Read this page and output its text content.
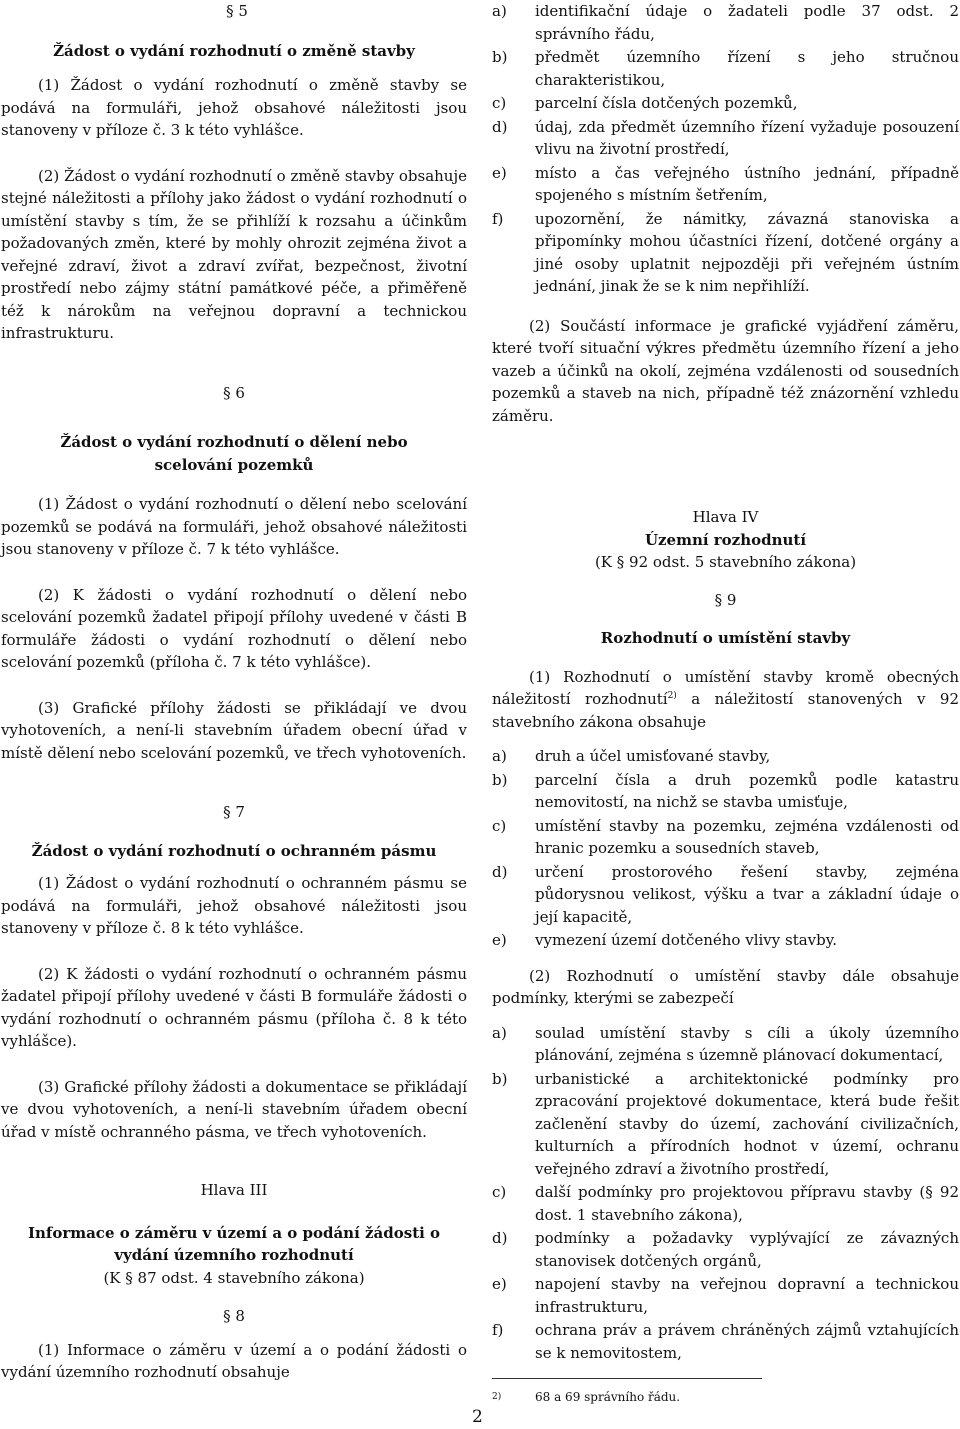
§ 5

Žádost o vydání rozhodnutí o změně stavby

(1) Žádost o vydání rozhodnutí o změně stavby se podává na formuláři, jehož obsahové náležitosti jsou stanoveny v příloze č. 3 k této vyhlášce.

(2) Žádost o vydání rozhodnutí o změně stavby obsahuje stejné náležitosti a přílohy jako žádost o vydání rozhodnutí o umístění stavby s tím, že se přihlíží k rozsahu a účinkům požadovaných změn, které by mohly ohrozit zejména život a veřejné zdraví, život a zdraví zvířat, bezpečnost, životní prostředí nebo zájmy státní památkové péče, a přiměřeně též k nárokům na veřejnou dopravní a technickou infrastrukturu.

§ 6

Žádost o vydání rozhodnutí o dělení nebo scelování pozemků

(1) Žádost o vydání rozhodnutí o dělení nebo scelování pozemků se podává na formuláři, jehož obsahové náležitosti jsou stanoveny v příloze č. 7 k této vyhlášce.

(2) K žádosti o vydání rozhodnutí o dělení nebo scelování pozemků žadatel připojí přílohy uvedené v části B formuláře žádosti o vydání rozhodnutí o dělení nebo scelování pozemků (příloha č. 7 k této vyhlášce).

(3) Grafické přílohy žádosti se přikládají ve dvou vyhotoveních, a není-li stavebním úřadem obecní úřad v místě dělení nebo scelování pozemků, ve třech vyhotoveních.

§ 7

Žádost o vydání rozhodnutí o ochranném pásmu

(1) Žádost o vydání rozhodnutí o ochranném pásmu se podává na formuláři, jehož obsahové náležitosti jsou stanoveny v příloze č. 8 k této vyhlášce.

(2) K žádosti o vydání rozhodnutí o ochranném pásmu žadatel připojí přílohy uvedené v části B formuláře žádosti o vydání rozhodnutí o ochranném pásmu (příloha č. 8 k této vyhlášce).

(3) Grafické přílohy žádosti a dokumentace se přikládají ve dvou vyhotoveních, a není-li stavebním úřadem obecní úřad v místě ochranného pásma, ve třech vyhotoveních.

Hlava III

Informace o záměru v území a o podání žádosti o vydání územního rozhodnutí

(K § 87 odst. 4 stavebního zákona)

§ 8

(1) Informace o záměru v území a o podání žádosti o vydání územního rozhodnutí obsahuje

a)	identifikační údaje o žadateli podle 37 odst. 2 správního řádu,
b)	předmět územního řízení s jeho stručnou charakteristikou,
c)	parcelní čísla dotčených pozemků,
d)	údaj, zda předmět územního řízení vyžaduje posouzení vlivu na životní prostředí,
e)	místo a čas veřejného ústního jednání, případně spojeného s místním šetřením,
f)	upozornění, že námitky, závazná stanoviska a připomínky mohou účastníci řízení, dotčené orgány a jiné osoby uplatnit nejpozději při veřejném ústním jednání, jinak že se k nim nepřihlíží.

(2) Součástí informace je grafické vyjádření záměru, které tvoří situační výkres předmětu územního řízení a jeho vazeb a účinků na okolí, zejména vzdálenosti od sousedních pozemků a staveb na nich, případně též znázornění vzhledu záměru.

Hlava IV

Územní rozhodnutí

(K § 92 odst. 5 stavebního zákona)

§ 9

Rozhodnutí o umístění stavby

(1) Rozhodnutí o umístění stavby kromě obecných náležitostí rozhodnutí$^{2)}$ a náležitostí stanovených v 92 stavebního zákona obsahuje

a)	druh a účel umisťované stavby,
b)	parcelní čísla a druh pozemků podle katastru nemovitostí, na nichž se stavba umisťuje,
c)	umístění stavby na pozemku, zejména vzdálenosti od hranic pozemku a sousedních staveb,
d)	určení prostorového řešení stavby, zejména půdorysnou velikost, výšku a tvar a základní údaje o její kapacitě,
e)	vymezení území dotčeného vlivy stavby.

(2) Rozhodnutí o umístění stavby dále obsahuje podmínky, kterými se zabezpečí

a)	soulad umístění stavby s cíli a úkoly územního plánování, zejména s územně plánovací dokumentací,
b)	urbanistické a architektonické podmínky pro zpracování projektové dokumentace, která bude řešit začlenění stavby do území, zachování civilizačních, kulturních a přírodních hodnot v území, ochranu veřejného zdraví a životního prostředí,
c)	další podmínky pro projektovou přípravu stavby (§ 92 dost. 1 stavebního zákona),
d)	podmínky a požadavky vyplývající ze závazných stanovisek dotčených orgánů,
e)	napojení stavby na veřejnou dopravní a technickou infrastrukturu,
f)	ochrana práv a právem chráněných zájmů vztahujících se k nemovitostem,
2)	68 a 69 správního řádu.
2
